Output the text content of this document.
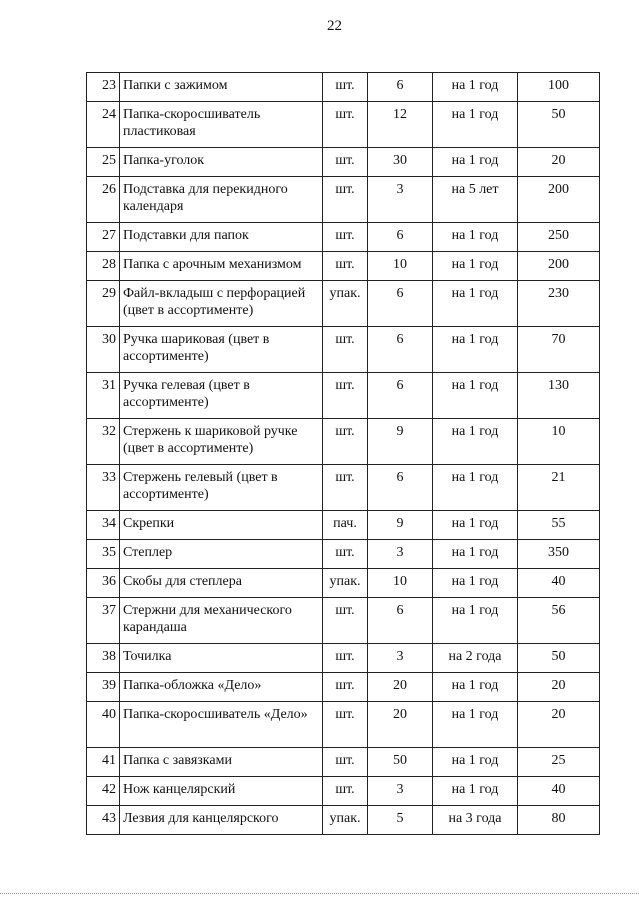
22
23	Папки с зажимом	шт.	6	на 1 год	100
24	Папка-скоросшиватель пластиковая	шт.	12	на 1 год	50
25	Папка-уголок	шт.	30	на 1 год	20
26	Подставка для перекидного календаря	шт.	3	на 5 лет	200
27	Подставки для папок	шт.	6	на 1 год	250
28	Папка с арочным механизмом	шт.	10	на 1 год	200
29	Файл-вкладыш с перфорацией (цвет в ассортименте)	упак.	6	на 1 год	230
30	Ручка шариковая (цвет в ассортименте)	шт.	6	на 1 год	70
31	Ручка гелевая (цвет в ассортименте)	шт.	6	на 1 год	130
32	Стержень к шариковой ручке (цвет в ассортименте)	шт.	9	на 1 год	10
33	Стержень гелевый (цвет в ассортименте)	шт.	6	на 1 год	21
34	Скрепки	пач.	9	на 1 год	55
35	Степлер	шт.	3	на 1 год	350
36	Скобы для степлера	упак.	10	на 1 год	40
37	Стержни для механического карандаша	шт.	6	на 1 год	56
38	Точилка	шт.	3	на 2 года	50
39	Папка-обложка «Дело»	шт.	20	на 1 год	20
40	Папка-скоросшиватель «Дело»	шт.	20	на 1 год	20
41	Папка с завязками	шт.	50	на 1 год	25
42	Нож канцелярский	шт.	3	на 1 год	40
43	Лезвия для канцелярского	упак.	5	на 3 года	80
